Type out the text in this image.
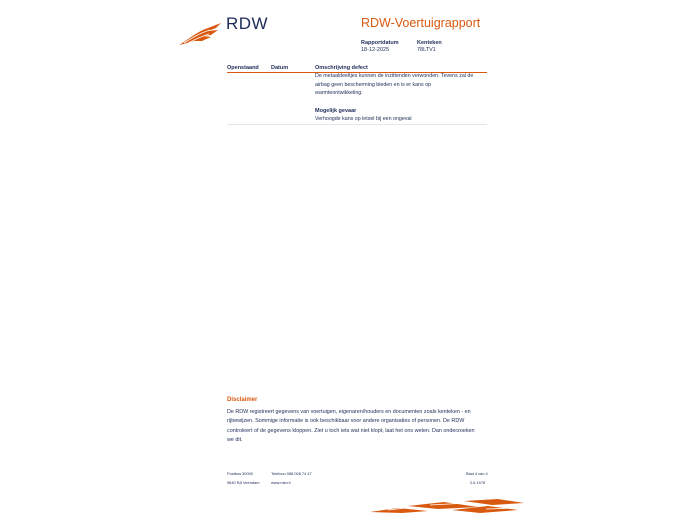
RDW	RDW-Voertuigrapport
Rapportdatum
18-12-2025
Kenteken
78LTV1
Openstaand Datum	Omschrijving defect
De metaaldeeltjes kunnen de inzittenden verwonden. Tevens zal de
airbag geen bescherming bieden en is er kans op
warmteontwikkeling.
Mogelijk gevaar
Verhoogde kans op letsel bij een ongeval
Disclaimer
De RDW registreert gegevens van voertuigen, eigenaren/houders en documenten zoals kenteken - en
rijbewijzen. Sommige informatie is ook beschikbaar voor andere organisaties of personen. De RDW
controleert of de gegevens kloppen. Ziet u toch iets wat niet klopt, laat het ons weten. Dan onderzoeken
we dit.
Postbus 30000
9640 RA Veendam
Telefoon 088 008 74 47
www.rdw.nl
Blad 4 van 4
2.6 1978
